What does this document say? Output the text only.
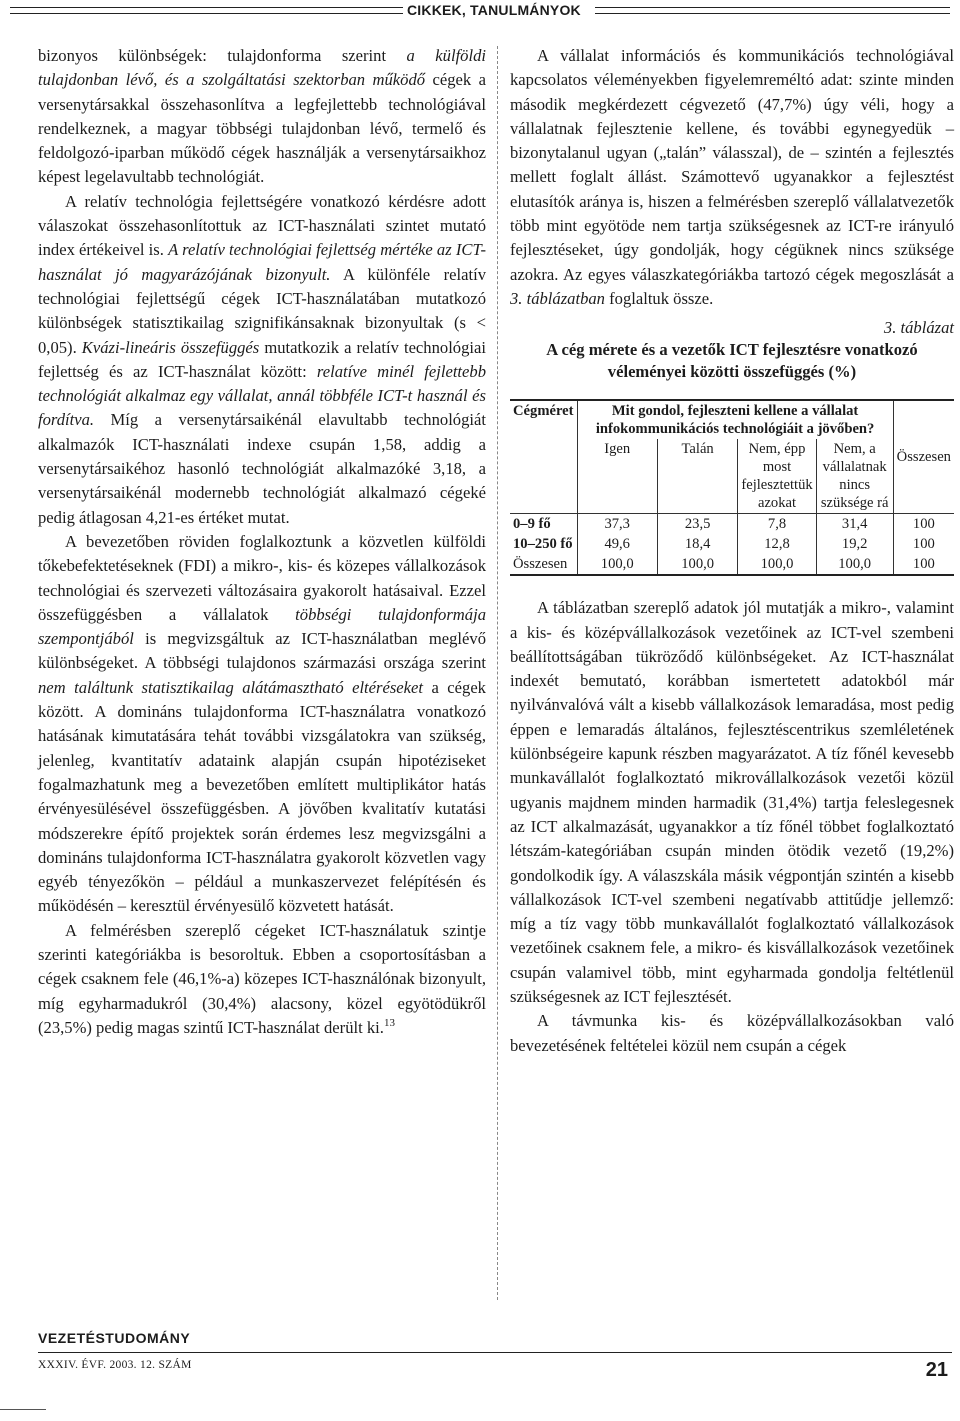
CIKKEK, TANULMÁNYOK

bizonyos különbségek: tulajdonforma szerint a külföldi tulajdonban lévő, és a szolgáltatási szektorban működő cégek a versenytársakkal összehasonlítva a legfejlettebb technológiával rendelkeznek, a magyar többségi tulajdonban lévő, termelő és feldolgozó-iparban működő cégek használják a versenytársaikhoz képest legelavultabb technológiát.

A relatív technológia fejlettségére vonatkozó kérdésre adott válaszokat összehasonlítottuk az ICT-használati szintet mutató index értékeivel is. A relatív technológiai fejlettség mértéke az ICT-használat jó magyarázójának bizonyult. A különféle relatív technológiai fejlettségű cégek ICT-használatában mutatkozó különbségek statisztikailag szignifikánsaknak bizonyultak (s < 0,05). Kvázi-lineáris összefüggés mutatkozik a relatív technológiai fejlettség és az ICT-használat között: relatíve minél fejlettebb technológiát alkalmaz egy vállalat, annál többféle ICT-t használ és fordítva. Míg a versenytársaikénál elavultabb technológiát alkalmazók ICT-használati indexe csupán 1,58, addig a versenytársaikéhoz hasonló technológiát alkalmazóké 3,18, a versenytársaikénál modernebb technológiát alkalmazó cégeké pedig átlagosan 4,21-es értéket mutat.

A bevezetőben röviden foglalkoztunk a közvetlen külföldi tőkebefektetéseknek (FDI) a mikro-, kis- és közepes vállalkozások technológiai és szervezeti változásaira gyakorolt hatásaival. Ezzel összefüggésben a vállalatok többségi tulajdonformája szempontjából is megvizsgáltuk az ICT-használatban meglévő különbségeket. A többségi tulajdonos származási országa szerint nem találtunk statisztikailag alátámasztható eltéréseket a cégek között. A domináns tulajdonforma ICT-használatra vonatkozó hatásának kimutatására tehát további vizsgálatokra van szükség, jelenleg, kvantitatív adataink alapján csupán hipotéziseket fogalmazhatunk meg a bevezetőben említett multiplikátor hatás érvényesülésével összefüggésben. A jövőben kvalitatív kutatási módszerekre építő projektek során érdemes lesz megvizsgálni a domináns tulajdonforma ICT-használatra gyakorolt közvetlen vagy egyéb tényezőkön – például a munkaszervezet felépítésén és működésén – keresztül érvényesülő közvetett hatását.

A felmérésben szereplő cégeket ICT-használatuk szintje szerinti kategóriákba is besoroltuk. Ebben a csoportosításban a cégek csaknem fele (46,1%-a) közepes ICT-használónak bizonyult, míg egyharmadukról (30,4%) alacsony, közel egyötödükről (23,5%) pedig magas szintű ICT-használat derült ki.$^{13}$

A vállalat információs és kommunikációs technológiával kapcsolatos véleményekben figyelemreméltó adat: szinte minden második megkérdezett cégvezető (47,7%) úgy véli, hogy a vállalatnak fejlesztenie kellene, és további egynegyedük – bizonytalanul ugyan („talán” válasszal), de – szintén a fejlesztés mellett foglalt állást. Számottevő ugyanakkor a fejlesztést elutasítók aránya is, hiszen a felmérésben szereplő vállalatvezetők több mint egyötöde nem tartja szükségesnek az ICT-re irányuló fejlesztéseket, úgy gondolják, hogy cégüknek nincs szüksége azokra. Az egyes válaszkategóriákba tartozó cégek megoszlását a 3. táblázatban foglaltuk össze.

3. táblázat

A cég mérete és a vezetők ICT fejlesztésre vonatkozó véleményei közötti összefüggés (%)

Cégméret	Mit gondol, fejleszteni kellene a vállalat infokommunikációs technológiáit a jövőben?				Összesen
	Igen	Talán	Nem, épp most fejlesztettük azokat	Nem, a vállalatnak nincs szüksége rá	
0–9 fő	37,3	23,5	7,8	31,4	100
10–250 fő	49,6	18,4	12,8	19,2	100
Összesen	100,0	100,0	100,0	100,0	100

A táblázatban szereplő adatok jól mutatják a mikro-, valamint a kis- és középvállalkozások vezetőinek az ICT-vel szembeni beállítottságában tükröződő különbségeket. Az ICT-használat indexét bemutató, korábban ismertetett adatokból már nyilvánvalóvá vált a kisebb vállalkozások lemaradása, most pedig éppen e lemaradás általános, fejlesztéscentrikus szemléletének különbségeire kapunk részben magyarázatot. A tíz főnél kevesebb munkavállalót foglalkoztató mikrovállalkozások vezetői közül ugyanis majdnem minden harmadik (31,4%) tartja feleslegesnek az ICT alkalmazását, ugyanakkor a tíz főnél többet foglalkoztató létszám-kategóriában csupán minden ötödik vezető (19,2%) gondolkodik így. A válaszskála másik végpontján szintén a kisebb vállalkozások ICT-vel szembeni negatívabb attitűdje jellemző: míg a tíz vagy több munkavállalót foglalkoztató vállalkozások vezetőinek csaknem fele, a mikro- és kisvállalkozások vezetőinek csupán valamivel több, mint egyharmada gondolja feltétlenül szükségesnek az ICT fejlesztését.

A távmunka kis- és középvállalkozásokban való bevezetésének feltételei közül nem csupán a cégek

VEZETÉSTUDOMÁNY
XXXIV. ÉVF. 2003. 12. SZÁM	21
